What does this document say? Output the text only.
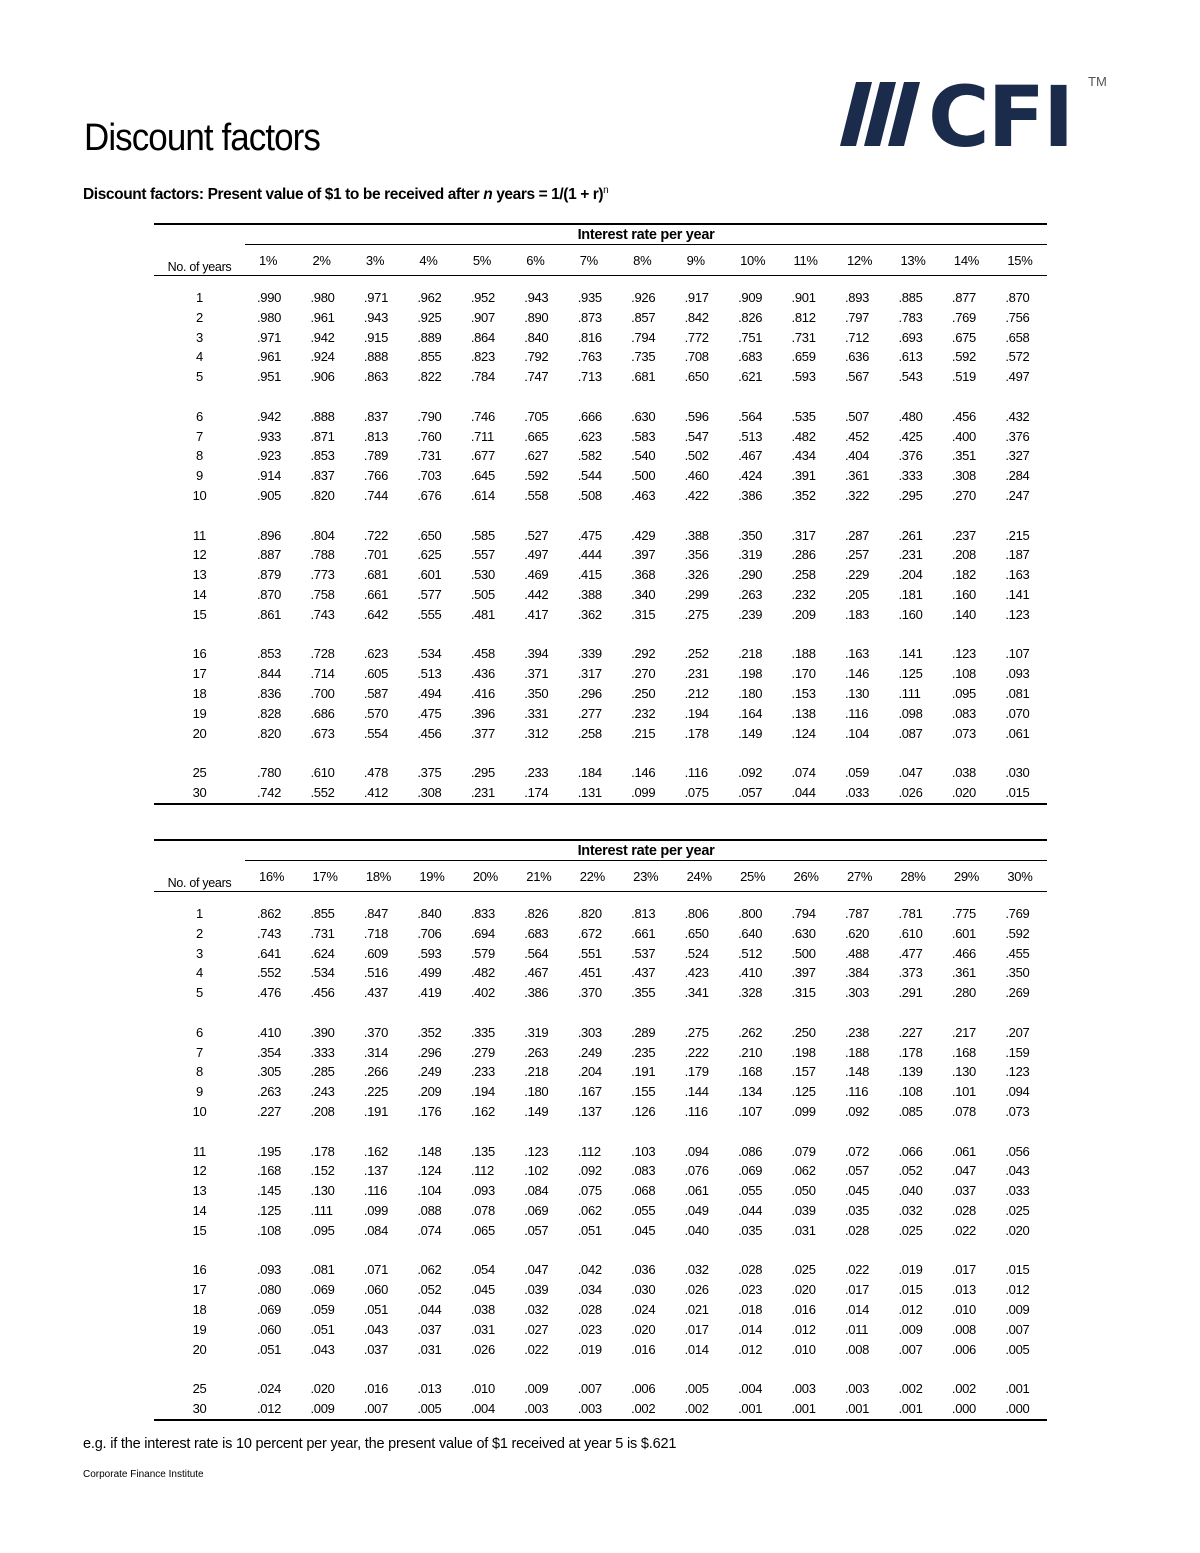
Discount factors	CFI TM
Discount factors: Present value of $1 to be received after n years = $1/(1 + r)^n$
	Interest rate per year														
No. of years	1%	2%	3%	4%	5%	6%	7%	8%	9%	10%	11%	12%	13%	14%	15%

1	.990	.980	.971	.962	.952	.943	.935	.926	.917	.909	.901	.893	.885	.877	.870
2	.980	.961	.943	.925	.907	.890	.873	.857	.842	.826	.812	.797	.783	.769	.756
3	.971	.942	.915	.889	.864	.840	.816	.794	.772	.751	.731	.712	.693	.675	.658
4	.961	.924	.888	.855	.823	.792	.763	.735	.708	.683	.659	.636	.613	.592	.572
5	.951	.906	.863	.822	.784	.747	.713	.681	.650	.621	.593	.567	.543	.519	.497

6	.942	.888	.837	.790	.746	.705	.666	.630	.596	.564	.535	.507	.480	.456	.432
7	.933	.871	.813	.760	.711	.665	.623	.583	.547	.513	.482	.452	.425	.400	.376
8	.923	.853	.789	.731	.677	.627	.582	.540	.502	.467	.434	.404	.376	.351	.327
9	.914	.837	.766	.703	.645	.592	.544	.500	.460	.424	.391	.361	.333	.308	.284
10	.905	.820	.744	.676	.614	.558	.508	.463	.422	.386	.352	.322	.295	.270	.247

11	.896	.804	.722	.650	.585	.527	.475	.429	.388	.350	.317	.287	.261	.237	.215
12	.887	.788	.701	.625	.557	.497	.444	.397	.356	.319	.286	.257	.231	.208	.187
13	.879	.773	.681	.601	.530	.469	.415	.368	.326	.290	.258	.229	.204	.182	.163
14	.870	.758	.661	.577	.505	.442	.388	.340	.299	.263	.232	.205	.181	.160	.141
15	.861	.743	.642	.555	.481	.417	.362	.315	.275	.239	.209	.183	.160	.140	.123

16	.853	.728	.623	.534	.458	.394	.339	.292	.252	.218	.188	.163	.141	.123	.107
17	.844	.714	.605	.513	.436	.371	.317	.270	.231	.198	.170	.146	.125	.108	.093
18	.836	.700	.587	.494	.416	.350	.296	.250	.212	.180	.153	.130	.111	.095	.081
19	.828	.686	.570	.475	.396	.331	.277	.232	.194	.164	.138	.116	.098	.083	.070
20	.820	.673	.554	.456	.377	.312	.258	.215	.178	.149	.124	.104	.087	.073	.061

25	.780	.610	.478	.375	.295	.233	.184	.146	.116	.092	.074	.059	.047	.038	.030
30	.742	.552	.412	.308	.231	.174	.131	.099	.075	.057	.044	.033	.026	.020	.015
	Interest rate per year														
No. of years	16%	17%	18%	19%	20%	21%	22%	23%	24%	25%	26%	27%	28%	29%	30%

1	.862	.855	.847	.840	.833	.826	.820	.813	.806	.800	.794	.787	.781	.775	.769
2	.743	.731	.718	.706	.694	.683	.672	.661	.650	.640	.630	.620	.610	.601	.592
3	.641	.624	.609	.593	.579	.564	.551	.537	.524	.512	.500	.488	.477	.466	.455
4	.552	.534	.516	.499	.482	.467	.451	.437	.423	.410	.397	.384	.373	.361	.350
5	.476	.456	.437	.419	.402	.386	.370	.355	.341	.328	.315	.303	.291	.280	.269

6	.410	.390	.370	.352	.335	.319	.303	.289	.275	.262	.250	.238	.227	.217	.207
7	.354	.333	.314	.296	.279	.263	.249	.235	.222	.210	.198	.188	.178	.168	.159
8	.305	.285	.266	.249	.233	.218	.204	.191	.179	.168	.157	.148	.139	.130	.123
9	.263	.243	.225	.209	.194	.180	.167	.155	.144	.134	.125	.116	.108	.101	.094
10	.227	.208	.191	.176	.162	.149	.137	.126	.116	.107	.099	.092	.085	.078	.073

11	.195	.178	.162	.148	.135	.123	.112	.103	.094	.086	.079	.072	.066	.061	.056
12	.168	.152	.137	.124	.112	.102	.092	.083	.076	.069	.062	.057	.052	.047	.043
13	.145	.130	.116	.104	.093	.084	.075	.068	.061	.055	.050	.045	.040	.037	.033
14	.125	.111	.099	.088	.078	.069	.062	.055	.049	.044	.039	.035	.032	.028	.025
15	.108	.095	.084	.074	.065	.057	.051	.045	.040	.035	.031	.028	.025	.022	.020

16	.093	.081	.071	.062	.054	.047	.042	.036	.032	.028	.025	.022	.019	.017	.015
17	.080	.069	.060	.052	.045	.039	.034	.030	.026	.023	.020	.017	.015	.013	.012
18	.069	.059	.051	.044	.038	.032	.028	.024	.021	.018	.016	.014	.012	.010	.009
19	.060	.051	.043	.037	.031	.027	.023	.020	.017	.014	.012	.011	.009	.008	.007
20	.051	.043	.037	.031	.026	.022	.019	.016	.014	.012	.010	.008	.007	.006	.005

25	.024	.020	.016	.013	.010	.009	.007	.006	.005	.004	.003	.003	.002	.002	.001
30	.012	.009	.007	.005	.004	.003	.003	.002	.002	.001	.001	.001	.001	.000	.000
e.g. if the interest rate is 10 percent per year, the present value of $1 received at year 5 is $.621
Corporate Finance Institute
